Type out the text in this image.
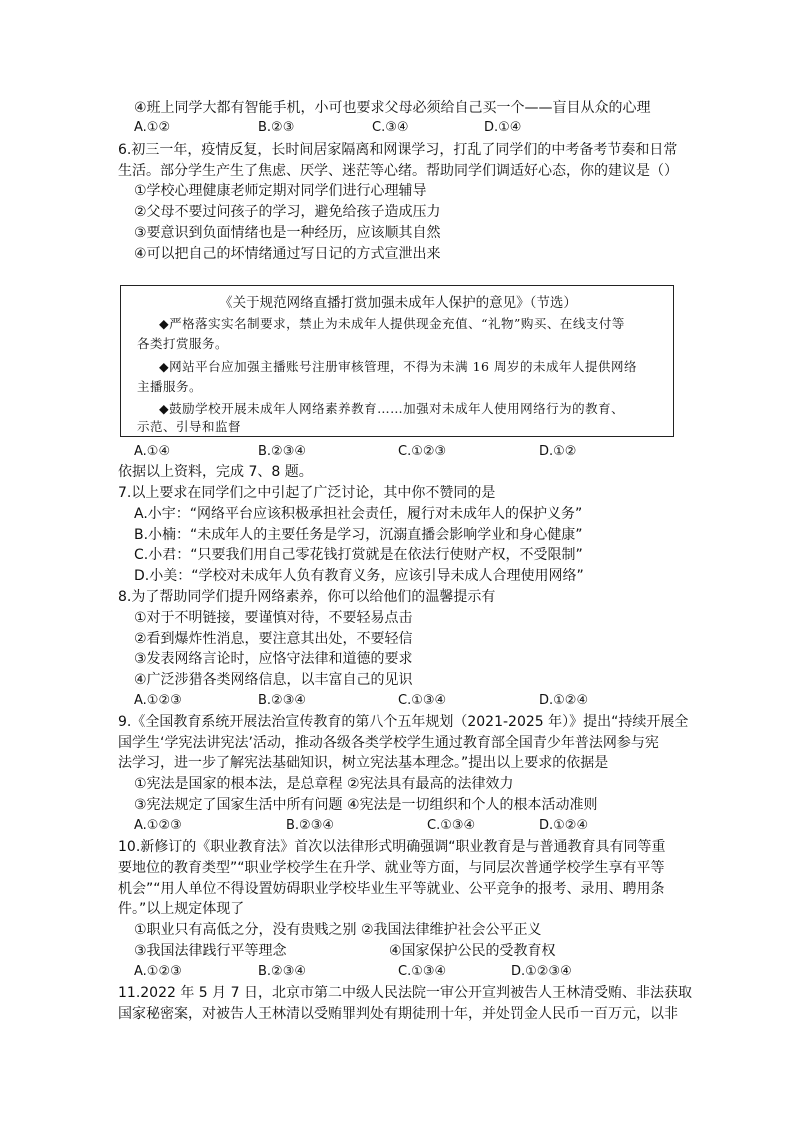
④班上同学大都有智能手机，小可也要求父母必须给自己买一个——盲目从众的心理
A.①②	B.②③	C.③④	D.①④
6.初三一年，疫情反复，长时间居家隔离和网课学习，打乱了同学们的中考备考节奏和日常
生活。部分学生产生了焦虑、厌学、迷茫等心绪。帮助同学们调适好心态，你的建议是（）
①学校心理健康老师定期对同学们进行心理辅导
②父母不要过问孩子的学习，避免给孩子造成压力
③要意识到负面情绪也是一种经历，应该顺其自然
④可以把自己的坏情绪通过写日记的方式宣泄出来
《关于规范网络直播打赏加强未成年人保护的意见》（节选）
◆严格落实实名制要求，禁止为未成年人提供现金充值、“礼物”购买、在线支付等
各类打赏服务。
◆网站平台应加强主播账号注册审核管理，不得为未满 16 周岁的未成年人提供网络
主播服务。
◆鼓励学校开展未成年人网络素养教育……加强对未成年人使用网络行为的教育、
示范、引导和监督
A.①④	B.②③④	C.①②③	D.①②
依据以上资料，完成 7、8 题。
7.以上要求在同学们之中引起了广泛讨论，其中你不赞同的是
A.小宇：“网络平台应该积极承担社会责任，履行对未成年人的保护义务”
B.小楠：“未成年人的主要任务是学习，沉溺直播会影响学业和身心健康”
C.小君：“只要我们用自己零花钱打赏就是在依法行使财产权，不受限制”
D.小美：“学校对未成年人负有教育义务，应该引导未成人合理使用网络”
8.为了帮助同学们提升网络素养，你可以给他们的温馨提示有
①对于不明链接，要谨慎对待，不要轻易点击
②看到爆炸性消息，要注意其出处，不要轻信
③发表网络言论时，应恪守法律和道德的要求
④广泛涉猎各类网络信息，以丰富自己的见识
A.①②③	B.②③④	C.①③④	D.①②④
9.《全国教育系统开展法治宣传教育的第八个五年规划（2021-2025 年）》提出“持续开展全
国学生‘学宪法讲宪法’活动，推动各级各类学校学生通过教育部全国青少年普法网参与宪
法学习，进一步了解宪法基础知识，树立宪法基本理念。”提出以上要求的依据是
①宪法是国家的根本法，是总章程 ②宪法具有最高的法律效力
③宪法规定了国家生活中所有问题 ④宪法是一切组织和个人的根本活动准则
A.①②③	B.②③④	C.①③④	D.①②④
10.新修订的《职业教育法》首次以法律形式明确强调“职业教育是与普通教育具有同等重
要地位的教育类型”“职业学校学生在升学、就业等方面，与同层次普通学校学生享有平等
机会”“用人单位不得设置妨碍职业学校毕业生平等就业、公平竞争的报考、录用、聘用条
件。”以上规定体现了
①职业只有高低之分，没有贵贱之别 ②我国法律维护社会公平正义
③我国法律践行平等理念	④国家保护公民的受教育权
A.①②③	B.②③④	C.①③④	D.①②③④
11.2022 年 5 月 7 日，北京市第二中级人民法院一审公开宣判被告人王林清受贿、非法获取
国家秘密案，对被告人王林清以受贿罪判处有期徒刑十年，并处罚金人民币一百万元，以非
